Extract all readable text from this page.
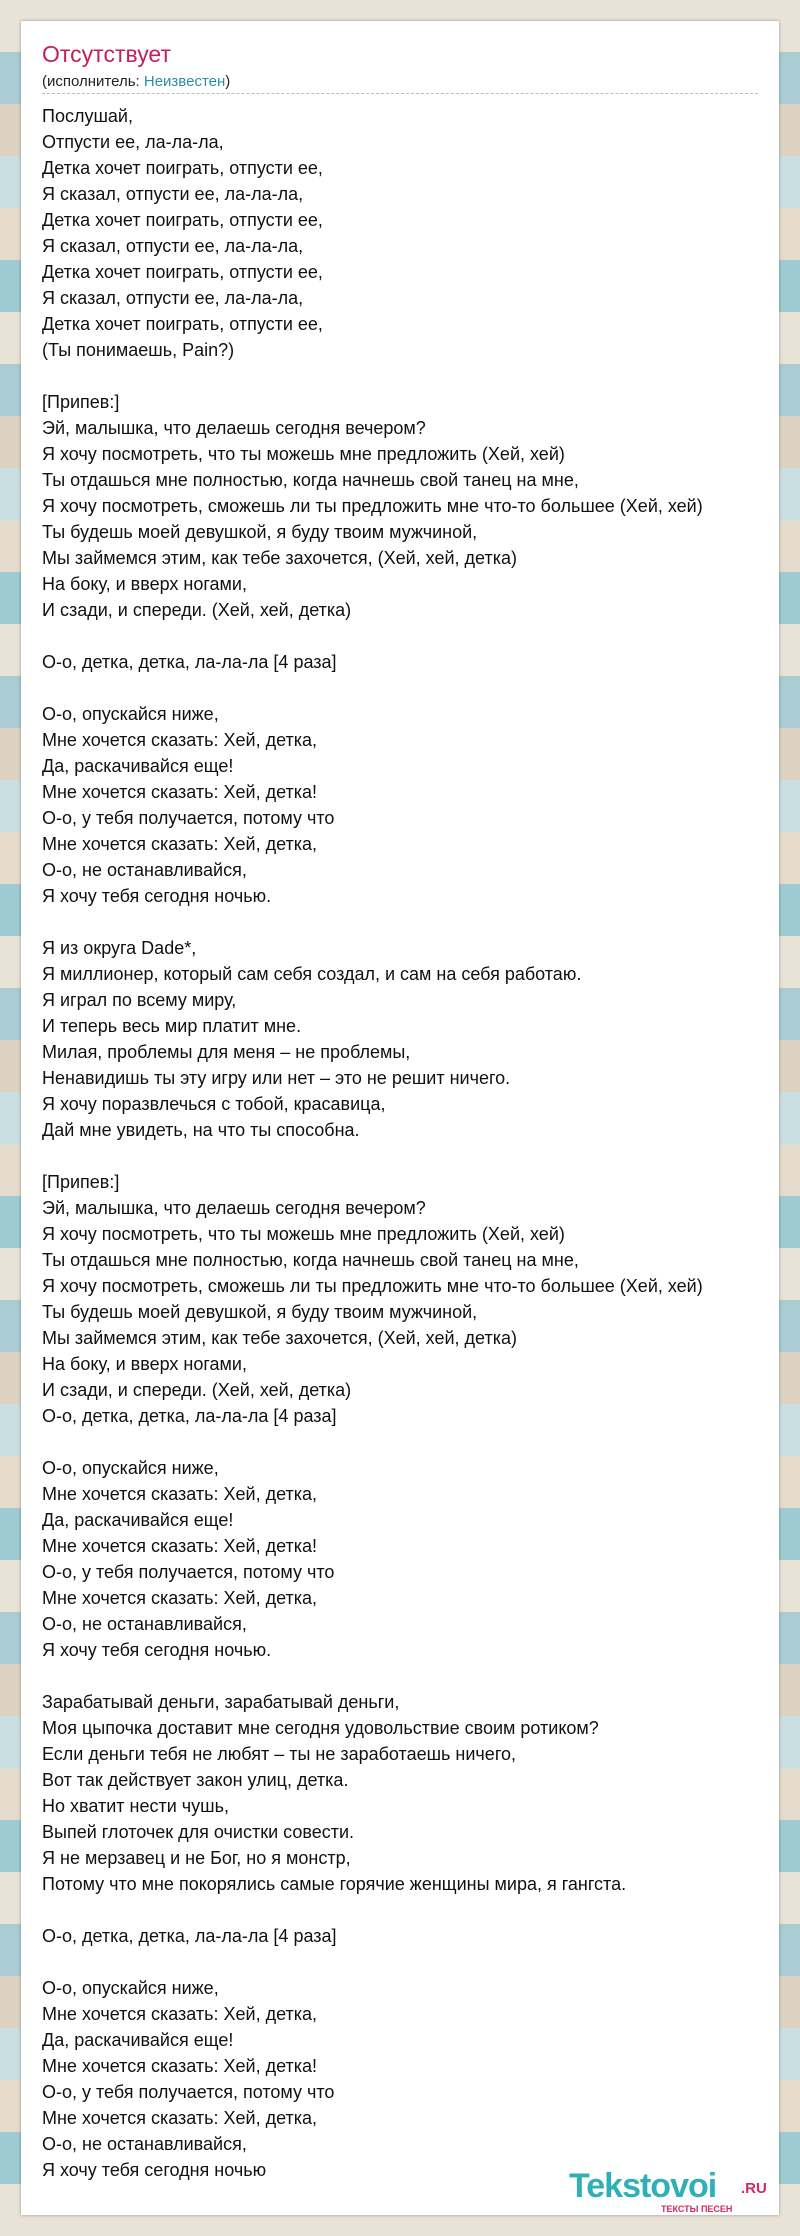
Отсутствует
(исполнитель: Неизвестен)
Послушай,
Отпусти ее, ла-ла-ла,
Детка хочет поиграть, отпусти ее,
Я сказал, отпусти ее, ла-ла-ла,
Детка хочет поиграть, отпусти ее,
Я сказал, отпусти ее, ла-ла-ла,
Детка хочет поиграть, отпусти ее,
Я сказал, отпусти ее, ла-ла-ла,
Детка хочет поиграть, отпусти ее,
(Ты понимаешь, Pain?)

[Припев:]
Эй, малышка, что делаешь сегодня вечером?
Я хочу посмотреть, что ты можешь мне предложить (Хей, хей)
Ты отдашься мне полностью, когда начнешь свой танец на мне,
Я хочу посмотреть, сможешь ли ты предложить мне что-то большее (Хей, хей)
Ты будешь моей девушкой, я буду твоим мужчиной,
Мы займемся этим, как тебе захочется, (Хей, хей, детка)
На боку, и вверх ногами,
И сзади, и спереди. (Хей, хей, детка)

О-о, детка, детка, ла-ла-ла [4 раза]

О-о, опускайся ниже,
Мне хочется сказать: Хей, детка,
Да, раскачивайся еще!
Мне хочется сказать: Хей, детка!
О-о, у тебя получается, потому что
Мне хочется сказать: Хей, детка,
О-о, не останавливайся,
Я хочу тебя сегодня ночью.

Я из округа Dade*,
Я миллионер, который сам себя создал, и сам на себя работаю.
Я играл по всему миру,
И теперь весь мир платит мне.
Милая, проблемы для меня – не проблемы,
Ненавидишь ты эту игру или нет – это не решит ничего.
Я хочу поразвлечься с тобой, красавица,
Дай мне увидеть, на что ты способна.

[Припев:]
Эй, малышка, что делаешь сегодня вечером?
Я хочу посмотреть, что ты можешь мне предложить (Хей, хей)
Ты отдашься мне полностью, когда начнешь свой танец на мне,
Я хочу посмотреть, сможешь ли ты предложить мне что-то большее (Хей, хей)
Ты будешь моей девушкой, я буду твоим мужчиной,
Мы займемся этим, как тебе захочется, (Хей, хей, детка)
На боку, и вверх ногами,
И сзади, и спереди. (Хей, хей, детка)
О-о, детка, детка, ла-ла-ла [4 раза]

О-о, опускайся ниже,
Мне хочется сказать: Хей, детка,
Да, раскачивайся еще!
Мне хочется сказать: Хей, детка!
О-о, у тебя получается, потому что
Мне хочется сказать: Хей, детка,
О-о, не останавливайся,
Я хочу тебя сегодня ночью.

Зарабатывай деньги, зарабатывай деньги,
Моя цыпочка доставит мне сегодня удовольствие своим ротиком?
Если деньги тебя не любят – ты не заработаешь ничего,
Вот так действует закон улиц, детка.
Но хватит нести чушь,
Выпей глоточек для очистки совести.
Я не мерзавец и не Бог, но я монстр,
Потому что мне покорялись самые горячие женщины мира, я гангста.

О-о, детка, детка, ла-ла-ла [4 раза]

О-о, опускайся ниже,
Мне хочется сказать: Хей, детка,
Да, раскачивайся еще!
Мне хочется сказать: Хей, детка!
О-о, у тебя получается, потому что
Мне хочется сказать: Хей, детка,
О-о, не останавливайся,
Я хочу тебя сегодня ночью	Tekstovoi .RU
ТЕКСТЫ ПЕСЕН
